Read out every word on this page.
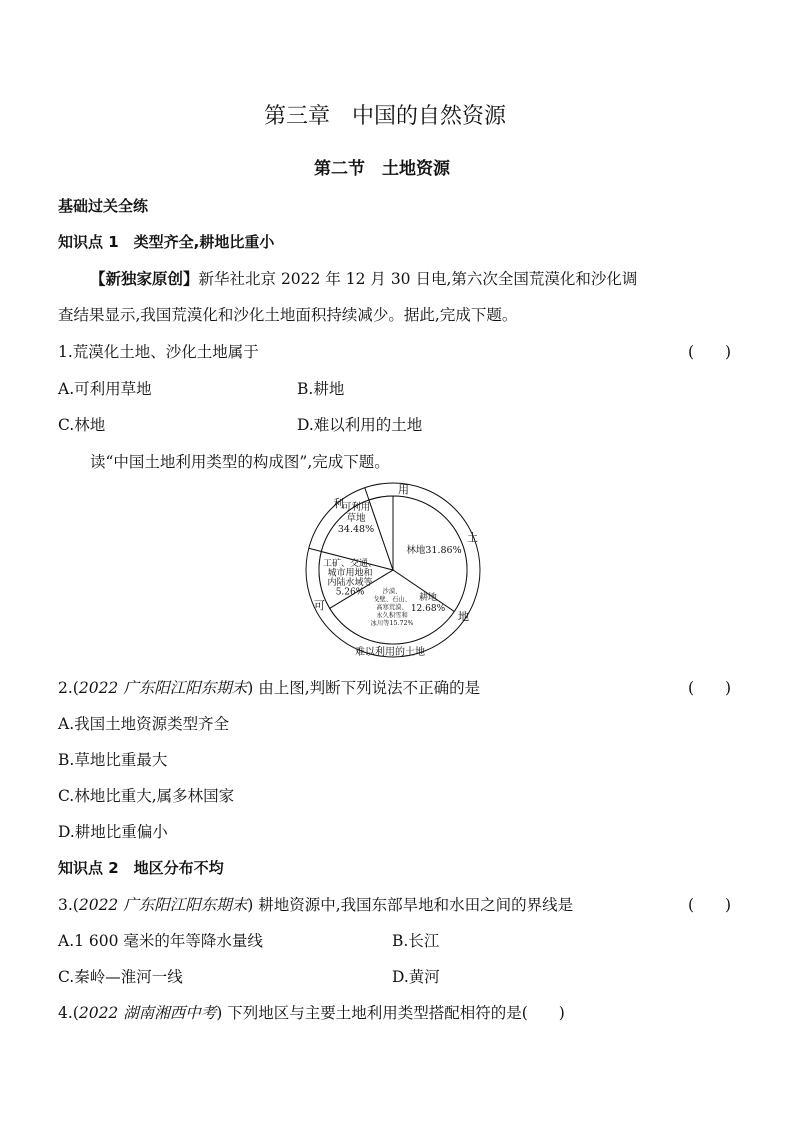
第三章　中国的自然资源
第二节　土地资源
基础过关全练
知识点 1　类型齐全,耕地比重小
【新独家原创】新华社北京 2022 年 12 月 30 日电,第六次全国荒漠化和沙化调
查结果显示,我国荒漠化和沙化土地面积持续减少。据此,完成下题。
1.荒漠化土地、沙化土地属于	(　　)
A.可利用草地	B.耕地
C.林地	D.难以利用的土地
读“中国土地利用类型的构成图”,完成下题。
可利用
草地
34.48%
林地31.86%
耕地
12.68%
沙漠、
戈壁、石山、
高寒荒漠、
永久积雪和
冰川等15.72%
工矿、交通、
城市用地和
内陆水域等
5.26%
利
用
土
地
可
难以利用的土地
2.(2022 广东阳江阳东期末) 由上图,判断下列说法不正确的是	(　　)
A.我国土地资源类型齐全
B.草地比重最大
C.林地比重大,属多林国家
D.耕地比重偏小
知识点 2　地区分布不均
3.(2022 广东阳江阳东期末) 耕地资源中,我国东部旱地和水田之间的界线是	(　　)
A.1 600 毫米的年等降水量线	B.长江
C.秦岭—淮河一线	D.黄河
4.(2022 湖南湘西中考) 下列地区与主要土地利用类型搭配相符的是(　　)
